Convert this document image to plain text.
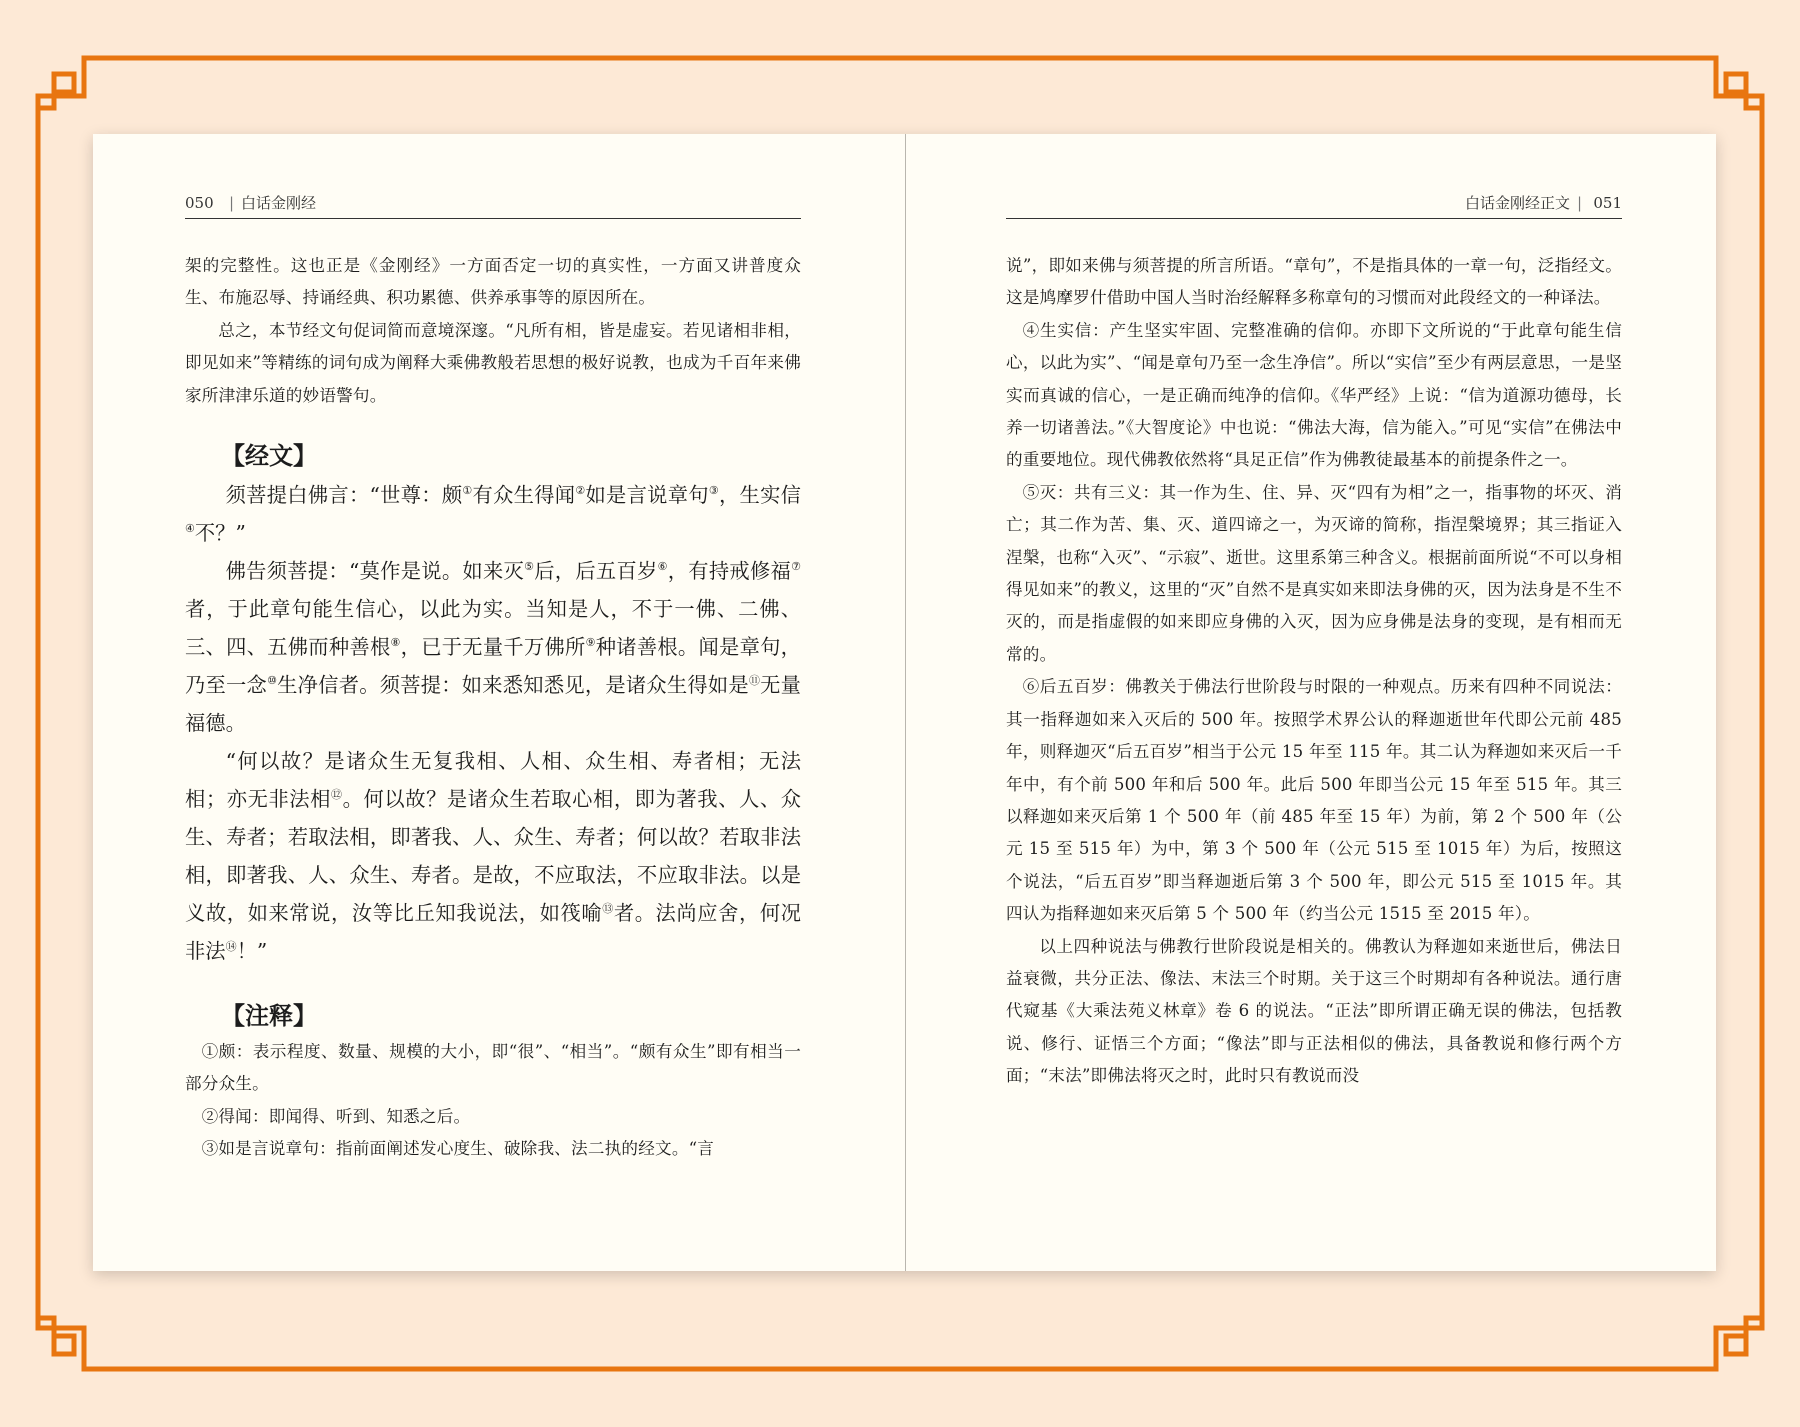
050 | 白话金刚经

架的完整性。这也正是《金刚经》一方面否定一切的真实性，一方面又讲普度众生、布施忍辱、持诵经典、积功累德、供养承事等的原因所在。

总之，本节经文句促词简而意境深邃。“凡所有相，皆是虚妄。若见诸相非相，即见如来”等精练的词句成为阐释大乘佛教般若思想的极好说教，也成为千百年来佛家所津津乐道的妙语警句。

【经文】

须菩提白佛言：“世尊：颇①有众生得闻②如是言说章句③，生实信④不？”

佛告须菩提：“莫作是说。如来灭⑤后，后五百岁⑥，有持戒修福⑦者，于此章句能生信心，以此为实。当知是人，不于一佛、二佛、三、四、五佛而种善根⑧，已于无量千万佛所⑨种诸善根。闻是章句，乃至一念⑩生净信者。须菩提：如来悉知悉见，是诸众生得如是⑪无量福德。

“何以故？是诸众生无复我相、人相、众生相、寿者相；无法相；亦无非法相⑫。何以故？是诸众生若取心相，即为著我、人、众生、寿者；若取法相，即著我、人、众生、寿者；何以故？若取非法相，即著我、人、众生、寿者。是故，不应取法，不应取非法。以是义故，如来常说，汝等比丘知我说法，如筏喻⑬者。法尚应舍，何况非法⑭！”

【注释】

①颇：表示程度、数量、规模的大小，即“很”、“相当”。“颇有众生”即有相当一部分众生。

②得闻：即闻得、听到、知悉之后。

③如是言说章句：指前面阐述发心度生、破除我、法二执的经文。“言

白话金刚经正文 | 051

说”，即如来佛与须菩提的所言所语。“章句”，不是指具体的一章一句，泛指经文。这是鸠摩罗什借助中国人当时治经解释多称章句的习惯而对此段经文的一种译法。

④生实信：产生坚实牢固、完整准确的信仰。亦即下文所说的“于此章句能生信心，以此为实”、“闻是章句乃至一念生净信”。所以“实信”至少有两层意思，一是坚实而真诚的信心，一是正确而纯净的信仰。《华严经》上说：“信为道源功德母，长养一切诸善法。”《大智度论》中也说：“佛法大海，信为能入。”可见“实信”在佛法中的重要地位。现代佛教依然将“具足正信”作为佛教徒最基本的前提条件之一。

⑤灭：共有三义：其一作为生、住、异、灭“四有为相”之一，指事物的坏灭、消亡；其二作为苦、集、灭、道四谛之一，为灭谛的简称，指涅槃境界；其三指证入涅槃，也称“入灭”、“示寂”、逝世。这里系第三种含义。根据前面所说“不可以身相得见如来”的教义，这里的“灭”自然不是真实如来即法身佛的灭，因为法身是不生不灭的，而是指虚假的如来即应身佛的入灭，因为应身佛是法身的变现，是有相而无常的。

⑥后五百岁：佛教关于佛法行世阶段与时限的一种观点。历来有四种不同说法：其一指释迦如来入灭后的 500 年。按照学术界公认的释迦逝世年代即公元前 485 年，则释迦灭“后五百岁”相当于公元 15 年至 115 年。其二认为释迦如来灭后一千年中，有个前 500 年和后 500 年。此后 500 年即当公元 15 年至 515 年。其三以释迦如来灭后第 1 个 500 年（前 485 年至 15 年）为前，第 2 个 500 年（公元 15 至 515 年）为中，第 3 个 500 年（公元 515 至 1015 年）为后，按照这个说法，“后五百岁”即当释迦逝后第 3 个 500 年，即公元 515 至 1015 年。其四认为指释迦如来灭后第 5 个 500 年（约当公元 1515 至 2015 年）。

以上四种说法与佛教行世阶段说是相关的。佛教认为释迦如来逝世后，佛法日益衰微，共分正法、像法、末法三个时期。关于这三个时期却有各种说法。通行唐代窥基《大乘法苑义林章》卷 6 的说法。“正法”即所谓正确无误的佛法，包括教说、修行、证悟三个方面；“像法”即与正法相似的佛法，具备教说和修行两个方面；“末法”即佛法将灭之时，此时只有教说而没
